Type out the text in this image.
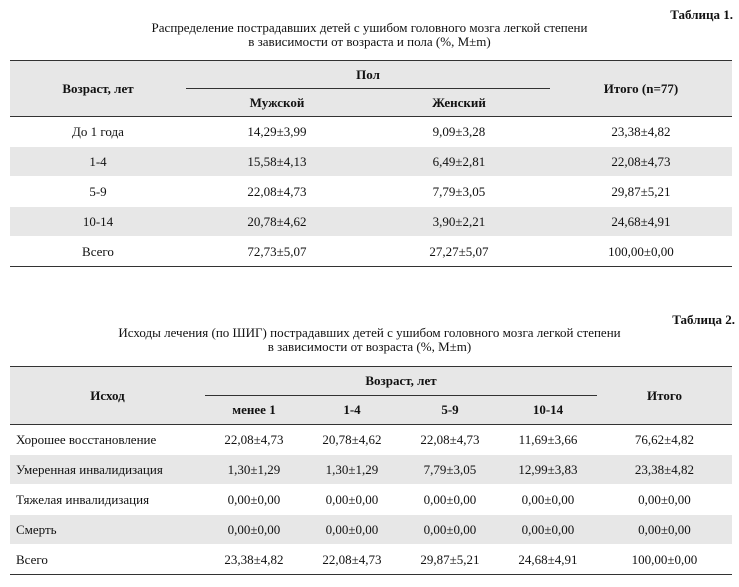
Таблица 1.
Распределение пострадавших детей с ушибом головного мозга легкой степени
в зависимости от возраста и пола (%, M±m)
Возраст, лет	Пол		Итого (n=77)
	Мужской	Женский	
До 1 года	14,29±3,99	9,09±3,28	23,38±4,82
1-4	15,58±4,13	6,49±2,81	22,08±4,73
5-9	22,08±4,73	7,79±3,05	29,87±5,21
10-14	20,78±4,62	3,90±2,21	24,68±4,91
Всего	72,73±5,07	27,27±5,07	100,00±0,00
Таблица 2.
Исходы лечения (по ШИГ) пострадавших детей с ушибом головного мозга легкой степени
в зависимости от возраста (%, M±m)
Исход	Возраст, лет				Итого
	менее 1	1-4	5-9	10-14	
Хорошее восстановление	22,08±4,73	20,78±4,62	22,08±4,73	11,69±3,66	76,62±4,82
Умеренная инвалидизация	1,30±1,29	1,30±1,29	7,79±3,05	12,99±3,83	23,38±4,82
Тяжелая инвалидизация	0,00±0,00	0,00±0,00	0,00±0,00	0,00±0,00	0,00±0,00
Смерть	0,00±0,00	0,00±0,00	0,00±0,00	0,00±0,00	0,00±0,00
Всего	23,38±4,82	22,08±4,73	29,87±5,21	24,68±4,91	100,00±0,00
